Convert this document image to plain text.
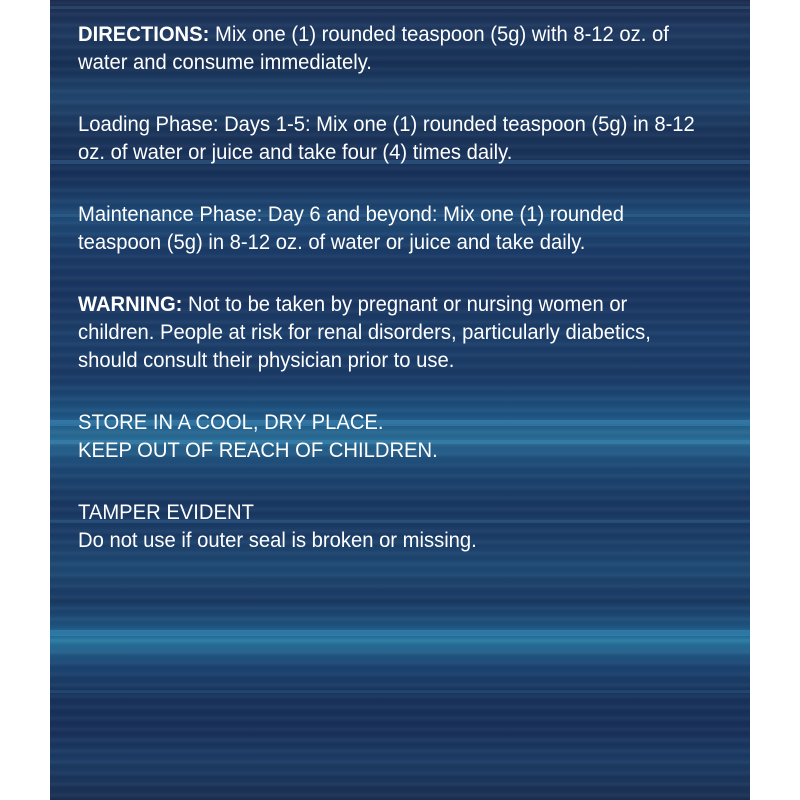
DIRECTIONS: Mix one (1) rounded teaspoon (5g) with 8-12 oz. of water and consume immediately.

Loading Phase: Days 1-5: Mix one (1) rounded teaspoon (5g) in 8-12 oz. of water or juice and take four (4) times daily.

Maintenance Phase: Day 6 and beyond: Mix one (1) rounded teaspoon (5g) in 8-12 oz. of water or juice and take daily.

WARNING: Not to be taken by pregnant or nursing women or children. People at risk for renal disorders, particularly diabetics, should consult their physician prior to use.

STORE IN A COOL, DRY PLACE.
KEEP OUT OF REACH OF CHILDREN.

TAMPER EVIDENT
Do not use if outer seal is broken or missing.
